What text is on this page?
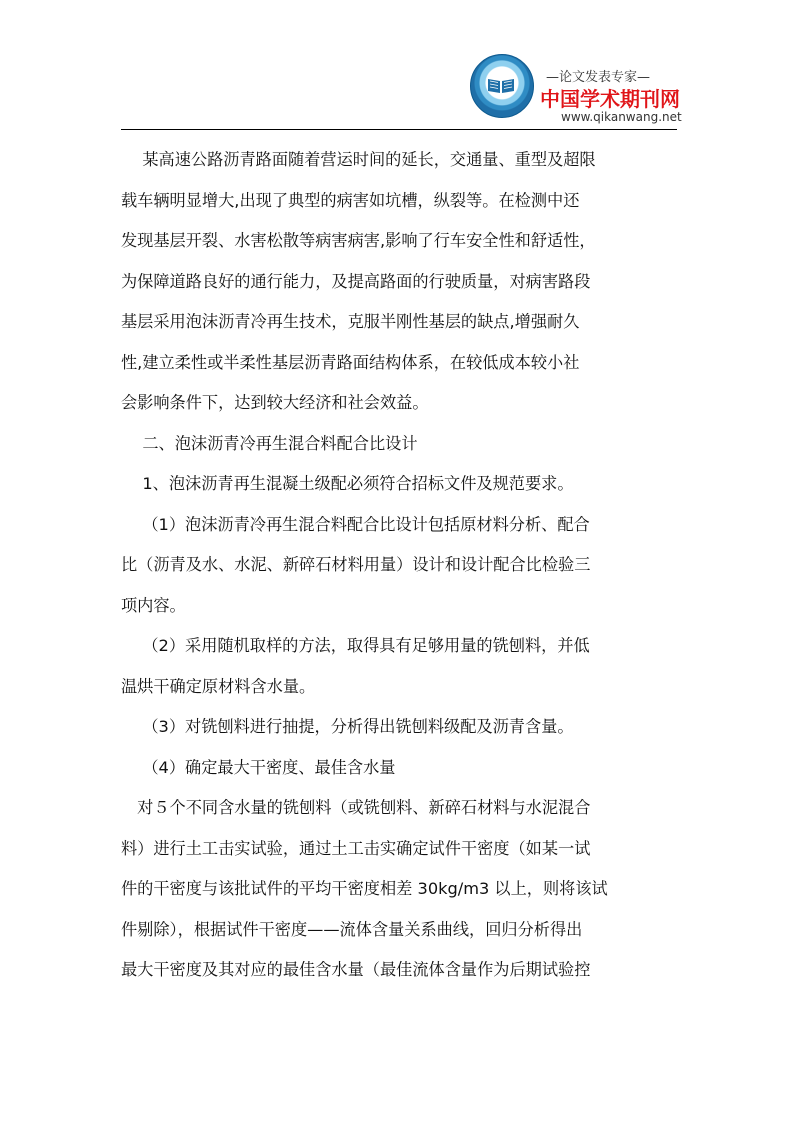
—论文发表专家—
中国学术期刊网
www.qikanwang.net
　 某高速公路沥青路面随着营运时间的延长，交通量、重型及超限
载车辆明显增大,出现了典型的病害如坑槽，纵裂等。在检测中还
发现基层开裂、水害松散等病害病害,影响了行车安全性和舒适性，
为保障道路良好的通行能力，及提高路面的行驶质量，对病害路段
基层采用泡沫沥青冷再生技术，克服半刚性基层的缺点,增强耐久
性,建立柔性或半柔性基层沥青路面结构体系，在较低成本较小社
会影响条件下，达到较大经济和社会效益。
　 二、泡沫沥青冷再生混合料配合比设计
　 1、泡沫沥青再生混凝土级配必须符合招标文件及规范要求。
　 （1）泡沫沥青冷再生混合料配合比设计包括原材料分析、配合
比（沥青及水、水泥、新碎石材料用量）设计和设计配合比检验三
项内容。
　 （2）采用随机取样的方法，取得具有足够用量的铣刨料，并低
温烘干确定原材料含水量。
　 （3）对铣刨料进行抽提，分析得出铣刨料级配及沥青含量。
　 （4）确定最大干密度、最佳含水量
　对５个不同含水量的铣刨料（或铣刨料、新碎石材料与水泥混合
料）进行土工击实试验，通过土工击实确定试件干密度（如某一试
件的干密度与该批试件的平均干密度相差 30kg/m3 以上，则将该试
件剔除），根据试件干密度——流体含量关系曲线，回归分析得出
最大干密度及其对应的最佳含水量（最佳流体含量作为后期试验控
